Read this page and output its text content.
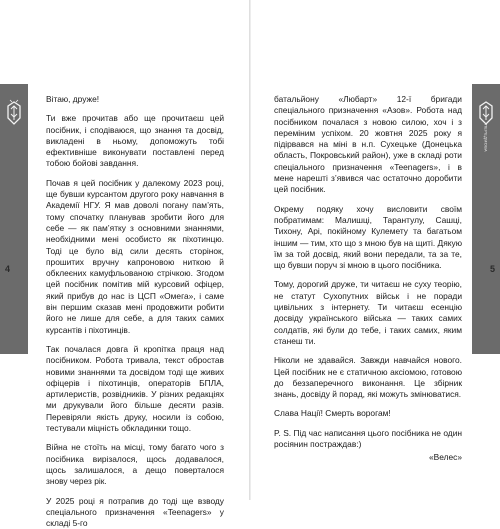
4
ПЕРЕДМОВА
5

Вітаю, друже!

Ти вже прочитав або ще прочитаєш цей посібник, і сподіваюся, що знання та досвід, викладені в ньому, допоможуть тобі ефективніше виконувати поставлені перед тобою бойові завдання.

Почав я цей посібник у далекому 2023 році, ще бувши курсантом другого року навчання в Академії НГУ. Я мав доволі погану пам’ять, тому спочатку планував зробити його для себе — як пам’ятку з основними знаннями, необхідними мені особисто як піхотинцю. Тоді це було від сили десять сторінок, прошитих вручну капроновою ниткою й обклеєних камуфльованою стрічкою. Згодом цей посібник помітив мій курсовий офіцер, який прибув до нас із ЦСП «Омега», і саме він першим сказав мені продовжити робити його не лише для себе, а для таких самих курсантів і піхотинців.

Так почалася довга й кропітка праця над посібником. Робота тривала, текст обростав новими знаннями та досвідом тоді ще живих офіцерів і піхотинців, операторів БПЛА, артилеристів, розвідників. У різних редакціях ми друкували його більше десяти разів. Перевіряли якість друку, носили із собою, тестували міцність обкладинки тощо.

Війна не стоїть на місці, тому багато чого з посібника вирізалося, щось додавалося, щось залишалося, а дещо поверталося знову через рік.

У 2025 році я потрапив до тоді ще взводу спеціального призначення «Teenagers» у складі 5-го

батальйону «Любарт» 12-ї бригади спеціального призначення «Азов». Робота над посібником почалася з новою силою, хоч і з переміним успіхом. 20 жовтня 2025 року я підірвався на міні в н.п. Сухецьке (Донецька область, Покровський район), уже в складі роти спеціального призначення «Teenagers», і в мене нарешті з’явився час остаточно доробити цей посібник.

Окрему подяку хочу висловити своїм побратимам: Малишці, Тарантулу, Сашці, Тихону, Арі, покійному Кулемету та багатьом іншим — тим, хто що з мною був на щиті. Дякую їм за той досвід, який вони передали, та за те, що бувши поруч зі мною в цього посібника.

Тому, дорогий друже, ти читаєш не суху теорію, не статут Сухопутних військ і не поради цивільних з інтернету. Ти читаєш есенцію досвіду українського війська — таких самих солдатів, які були до тебе, і таких самих, яким станеш ти.

Ніколи не здавайся. Завжди навчайся нового. Цей посібник не є статичною аксіомою, готовою до беззаперечного виконання. Це збірник знань, досвіду й порад, які можуть змінюватися.

Слава Нації! Смерть ворогам!

P. S. Під час написання цього посібника не один росіянин постраждав:)

«Велес»
